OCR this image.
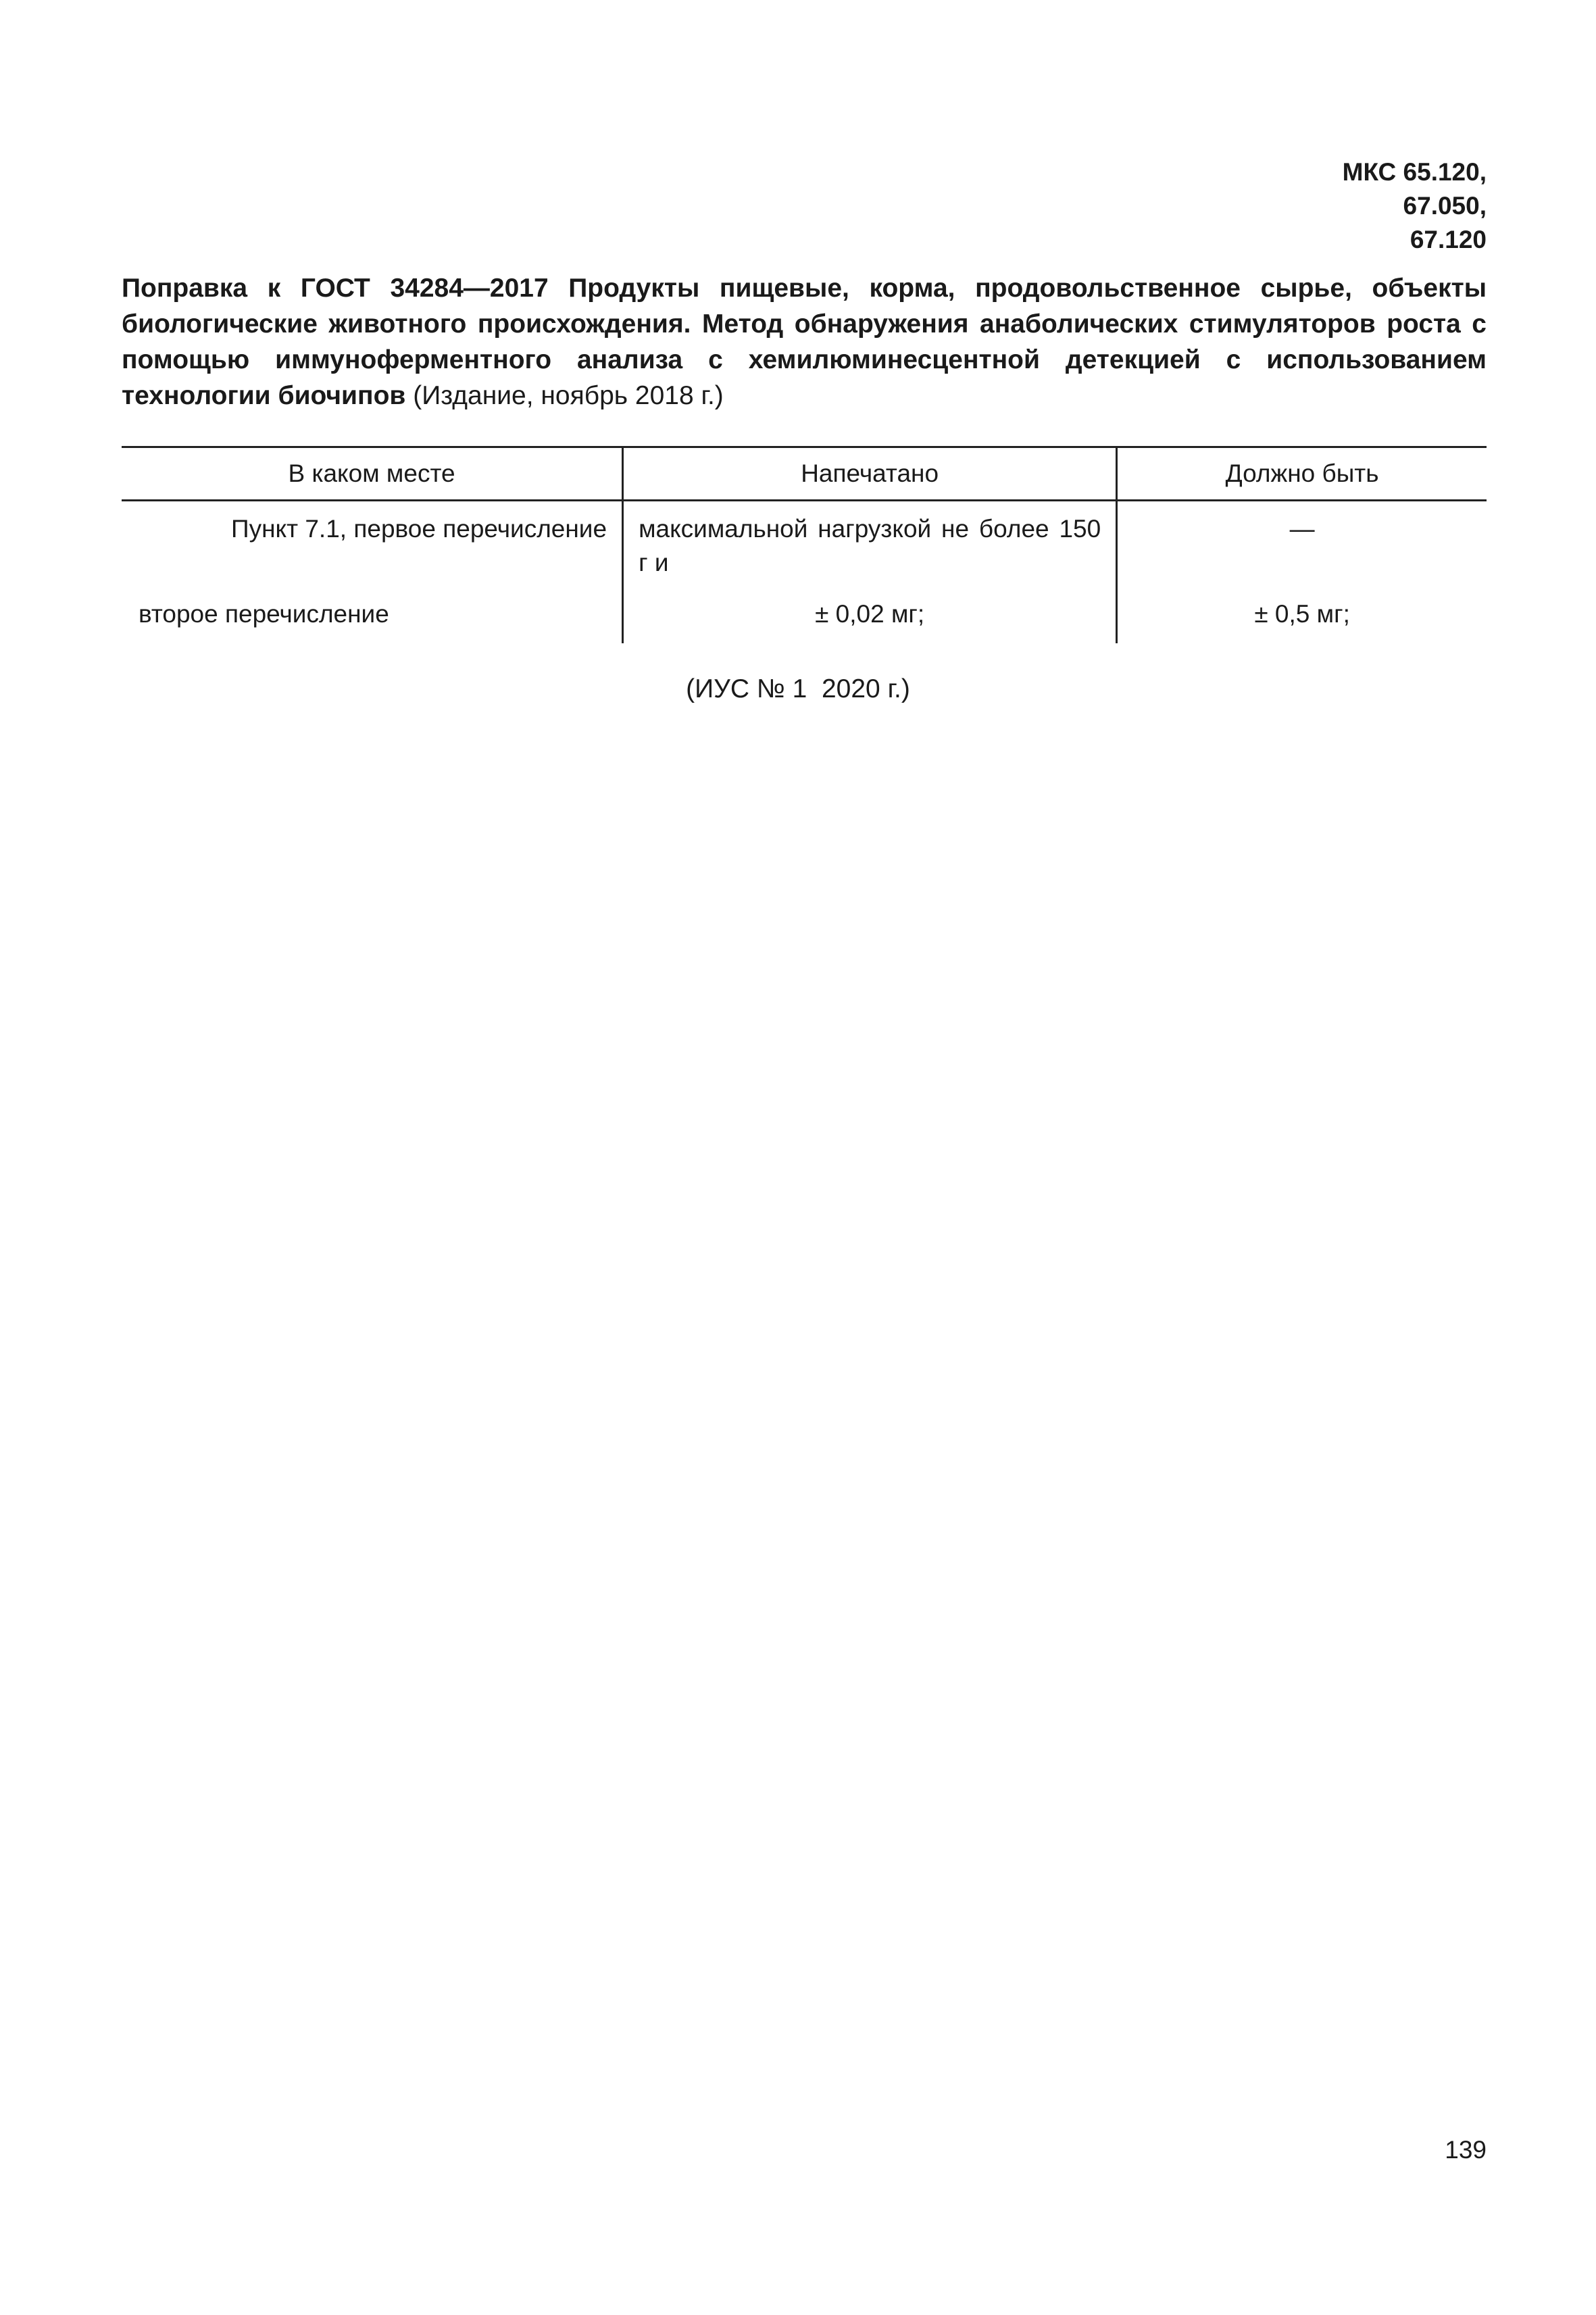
МКС 65.120,
67.050,
67.120
Поправка к ГОСТ 34284—2017 Продукты пищевые, корма, продовольственное сырье, объекты биологические животного происхождения. Метод обнаружения анаболических стимуляторов роста с помощью иммуноферментного анализа с хемилюминесцентной детекцией с использованием технологии биочипов (Издание, ноябрь 2018 г.)
В каком месте	Напечатано	Должно быть
Пункт 7.1, первое перечисление	максимальной нагрузкой не более 150 г и	—
второе перечисление	± 0,02 мг;	± 0,5 мг;
(ИУС № 1  2020 г.)
139
